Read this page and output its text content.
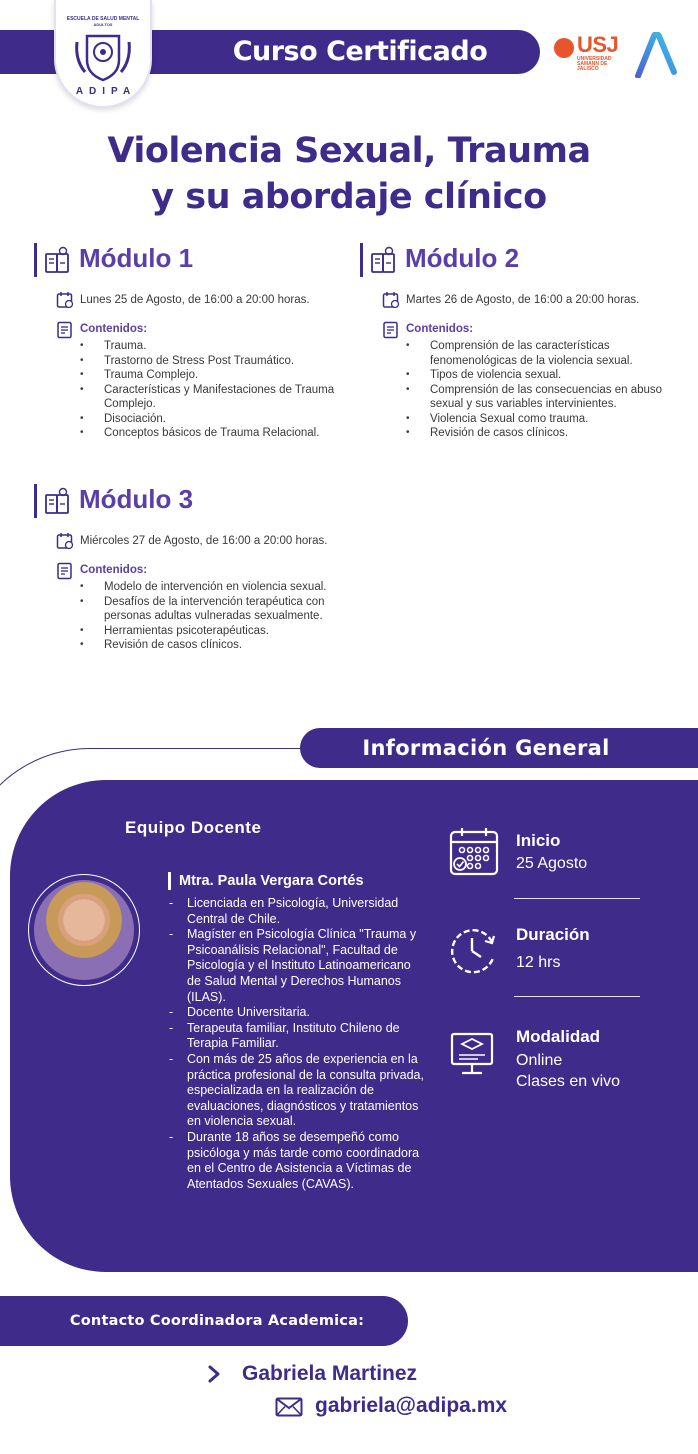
Curso Certificado
ESCUELA DE SALUD MENTAL
ADULTOS
ADIPA
USJ
UNIVERSIDAD
SAMANN DE
JALISCO
Violencia Sexual, Trauma
y su abordaje clínico
Módulo 1
Lunes 25 de Agosto, de 16:00 a 20:00 horas.
Contenidos:
• Trauma.
• Trastorno de Stress Post Traumático.
• Trauma Complejo.
• Características y Manifestaciones de Trauma Complejo.
• Disociación.
• Conceptos básicos de Trauma Relacional.
Módulo 2
Martes 26 de Agosto, de 16:00 a 20:00 horas.
Contenidos:
• Comprensión de las características fenomenológicas de la violencia sexual.
• Tipos de violencia sexual.
• Comprensión de las consecuencias en abuso sexual y sus variables intervinientes.
• Violencia Sexual como trauma.
• Revisión de casos clínicos.
Módulo 3
Miércoles 27 de Agosto, de 16:00 a 20:00 horas.
Contenidos:
• Modelo de intervención en violencia sexual.
• Desafíos de la intervención terapéutica con personas adultas vulneradas sexualmente.
• Herramientas psicoterapéuticas.
• Revisión de casos clínicos.
Información General
Equipo Docente
Mtra. Paula Vergara Cortés
- Licenciada en Psicología, Universidad Central de Chile.
- Magíster en Psicología Clínica "Trauma y Psicoanálisis Relacional", Facultad de Psicología y el Instituto Latinoamericano de Salud Mental y Derechos Humanos (ILAS).
- Docente Universitaria.
- Terapeuta familiar, Instituto Chileno de Terapia Familiar.
- Con más de 25 años de experiencia en la práctica profesional de la consulta privada, especializada en la realización de evaluaciones, diagnósticos y tratamientos en violencia sexual.
- Durante 18 años se desempeñó como psicóloga y más tarde como coordinadora en el Centro de Asistencia a Víctimas de Atentados Sexuales (CAVAS).
Inicio
25 Agosto
Duración
12 hrs
Modalidad
Online
Clases en vivo
Contacto Coordinadora Academica:
Gabriela Martinez
gabriela@adipa.mx
